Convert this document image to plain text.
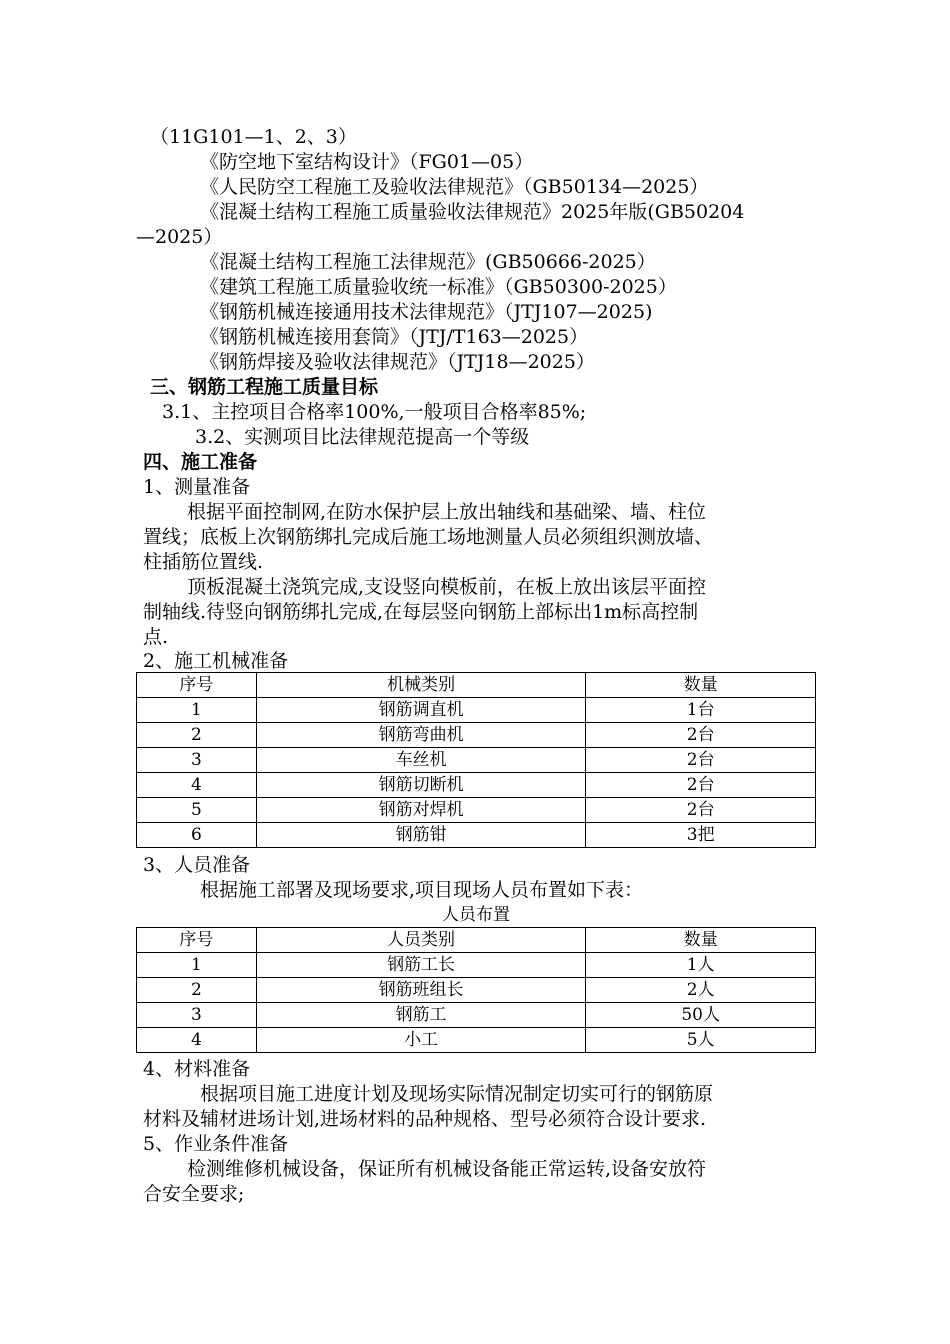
（11G101—1、2、3）
《防空地下室结构设计》（FG01—05）
《人民防空工程施工及验收法律规范》（GB50134—2025）
《混凝土结构工程施工质量验收法律规范》2025年版(GB50204
—2025）
《混凝土结构工程施工法律规范》(GB50666-2025）
《建筑工程施工质量验收统一标准》（GB50300-2025）
《钢筋机械连接通用技术法律规范》（JTJ107—2025)
《钢筋机械连接用套筒》（JTJ/T163—2025）
《钢筋焊接及验收法律规范》（JTJ18—2025）
三、钢筋工程施工质量目标
3.1、主控项目合格率100%,一般项目合格率85%;
3.2、实测项目比法律规范提高一个等级
四、施工准备
1、测量准备
根据平面控制网,在防水保护层上放出轴线和基础梁、墙、柱位
置线；底板上次钢筋绑扎完成后施工场地测量人员必须组织测放墙、
柱插筋位置线.
顶板混凝土浇筑完成,支设竖向模板前，在板上放出该层平面控
制轴线.待竖向钢筋绑扎完成,在每层竖向钢筋上部标出1m标高控制
点.
2、施工机械准备
序号	机械类别	数量
1	钢筋调直机	1台
2	钢筋弯曲机	2台
3	车丝机	2台
4	钢筋切断机	2台
5	钢筋对焊机	2台
6	钢筋钳	3把
3、人员准备
根据施工部署及现场要求,项目现场人员布置如下表：
人员布置
序号	人员类别	数量
1	钢筋工长	1人
2	钢筋班组长	2人
3	钢筋工	50人
4	小工	5人
4、材料准备
根据项目施工进度计划及现场实际情况制定切实可行的钢筋原
材料及辅材进场计划,进场材料的品种规格、型号必须符合设计要求.
5、作业条件准备
检测维修机械设备，保证所有机械设备能正常运转,设备安放符
合安全要求;
